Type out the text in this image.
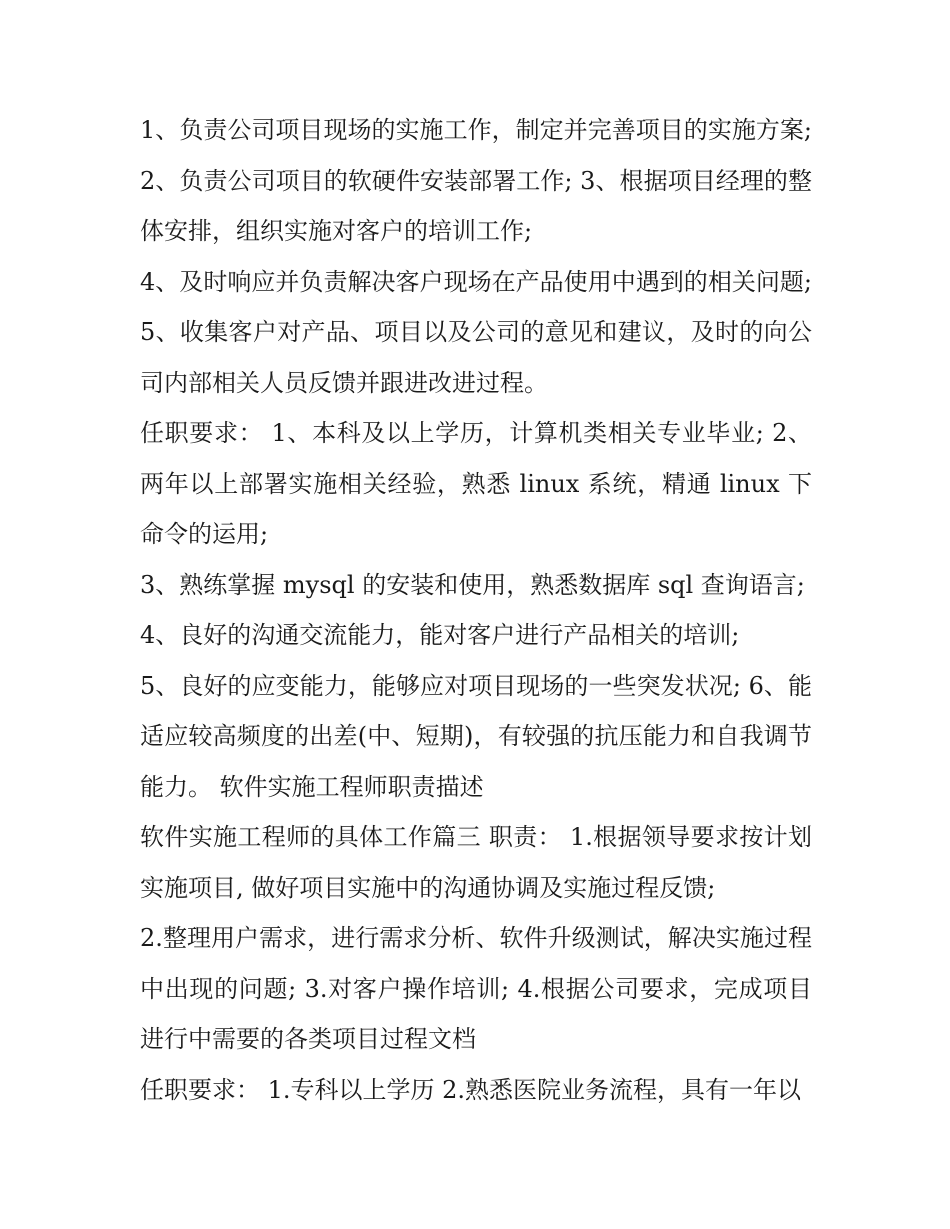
1、负责公司项目现场的实施工作，制定并完善项目的实施方案; 2、负责公司项目的软硬件安装部署工作; 3、根据项目经理的整体安排，组织实施对客户的培训工作;

4、及时响应并负责解决客户现场在产品使用中遇到的相关问题; 5、收集客户对产品、项目以及公司的意见和建议，及时的向公司内部相关人员反馈并跟进改进过程。

任职要求： 1、本科及以上学历，计算机类相关专业毕业; 2、两年以上部署实施相关经验，熟悉 linux 系统，精通 linux 下命令的运用;

3、熟练掌握 mysql 的安装和使用，熟悉数据库 sql 查询语言;

4、良好的沟通交流能力，能对客户进行产品相关的培训;

5、良好的应变能力，能够应对项目现场的一些突发状况; 6、能适应较高频度的出差(中、短期)，有较强的抗压能力和自我调节能力。 软件实施工程师职责描述

软件实施工程师的具体工作篇三 职责： 1.根据领导要求按计划实施项目, 做好项目实施中的沟通协调及实施过程反馈;

2.整理用户需求，进行需求分析、软件升级测试，解决实施过程中出现的问题; 3.对客户操作培训; 4.根据公司要求，完成项目进行中需要的各类项目过程文档

任职要求： 1.专科以上学历 2.熟悉医院业务流程，具有一年以
